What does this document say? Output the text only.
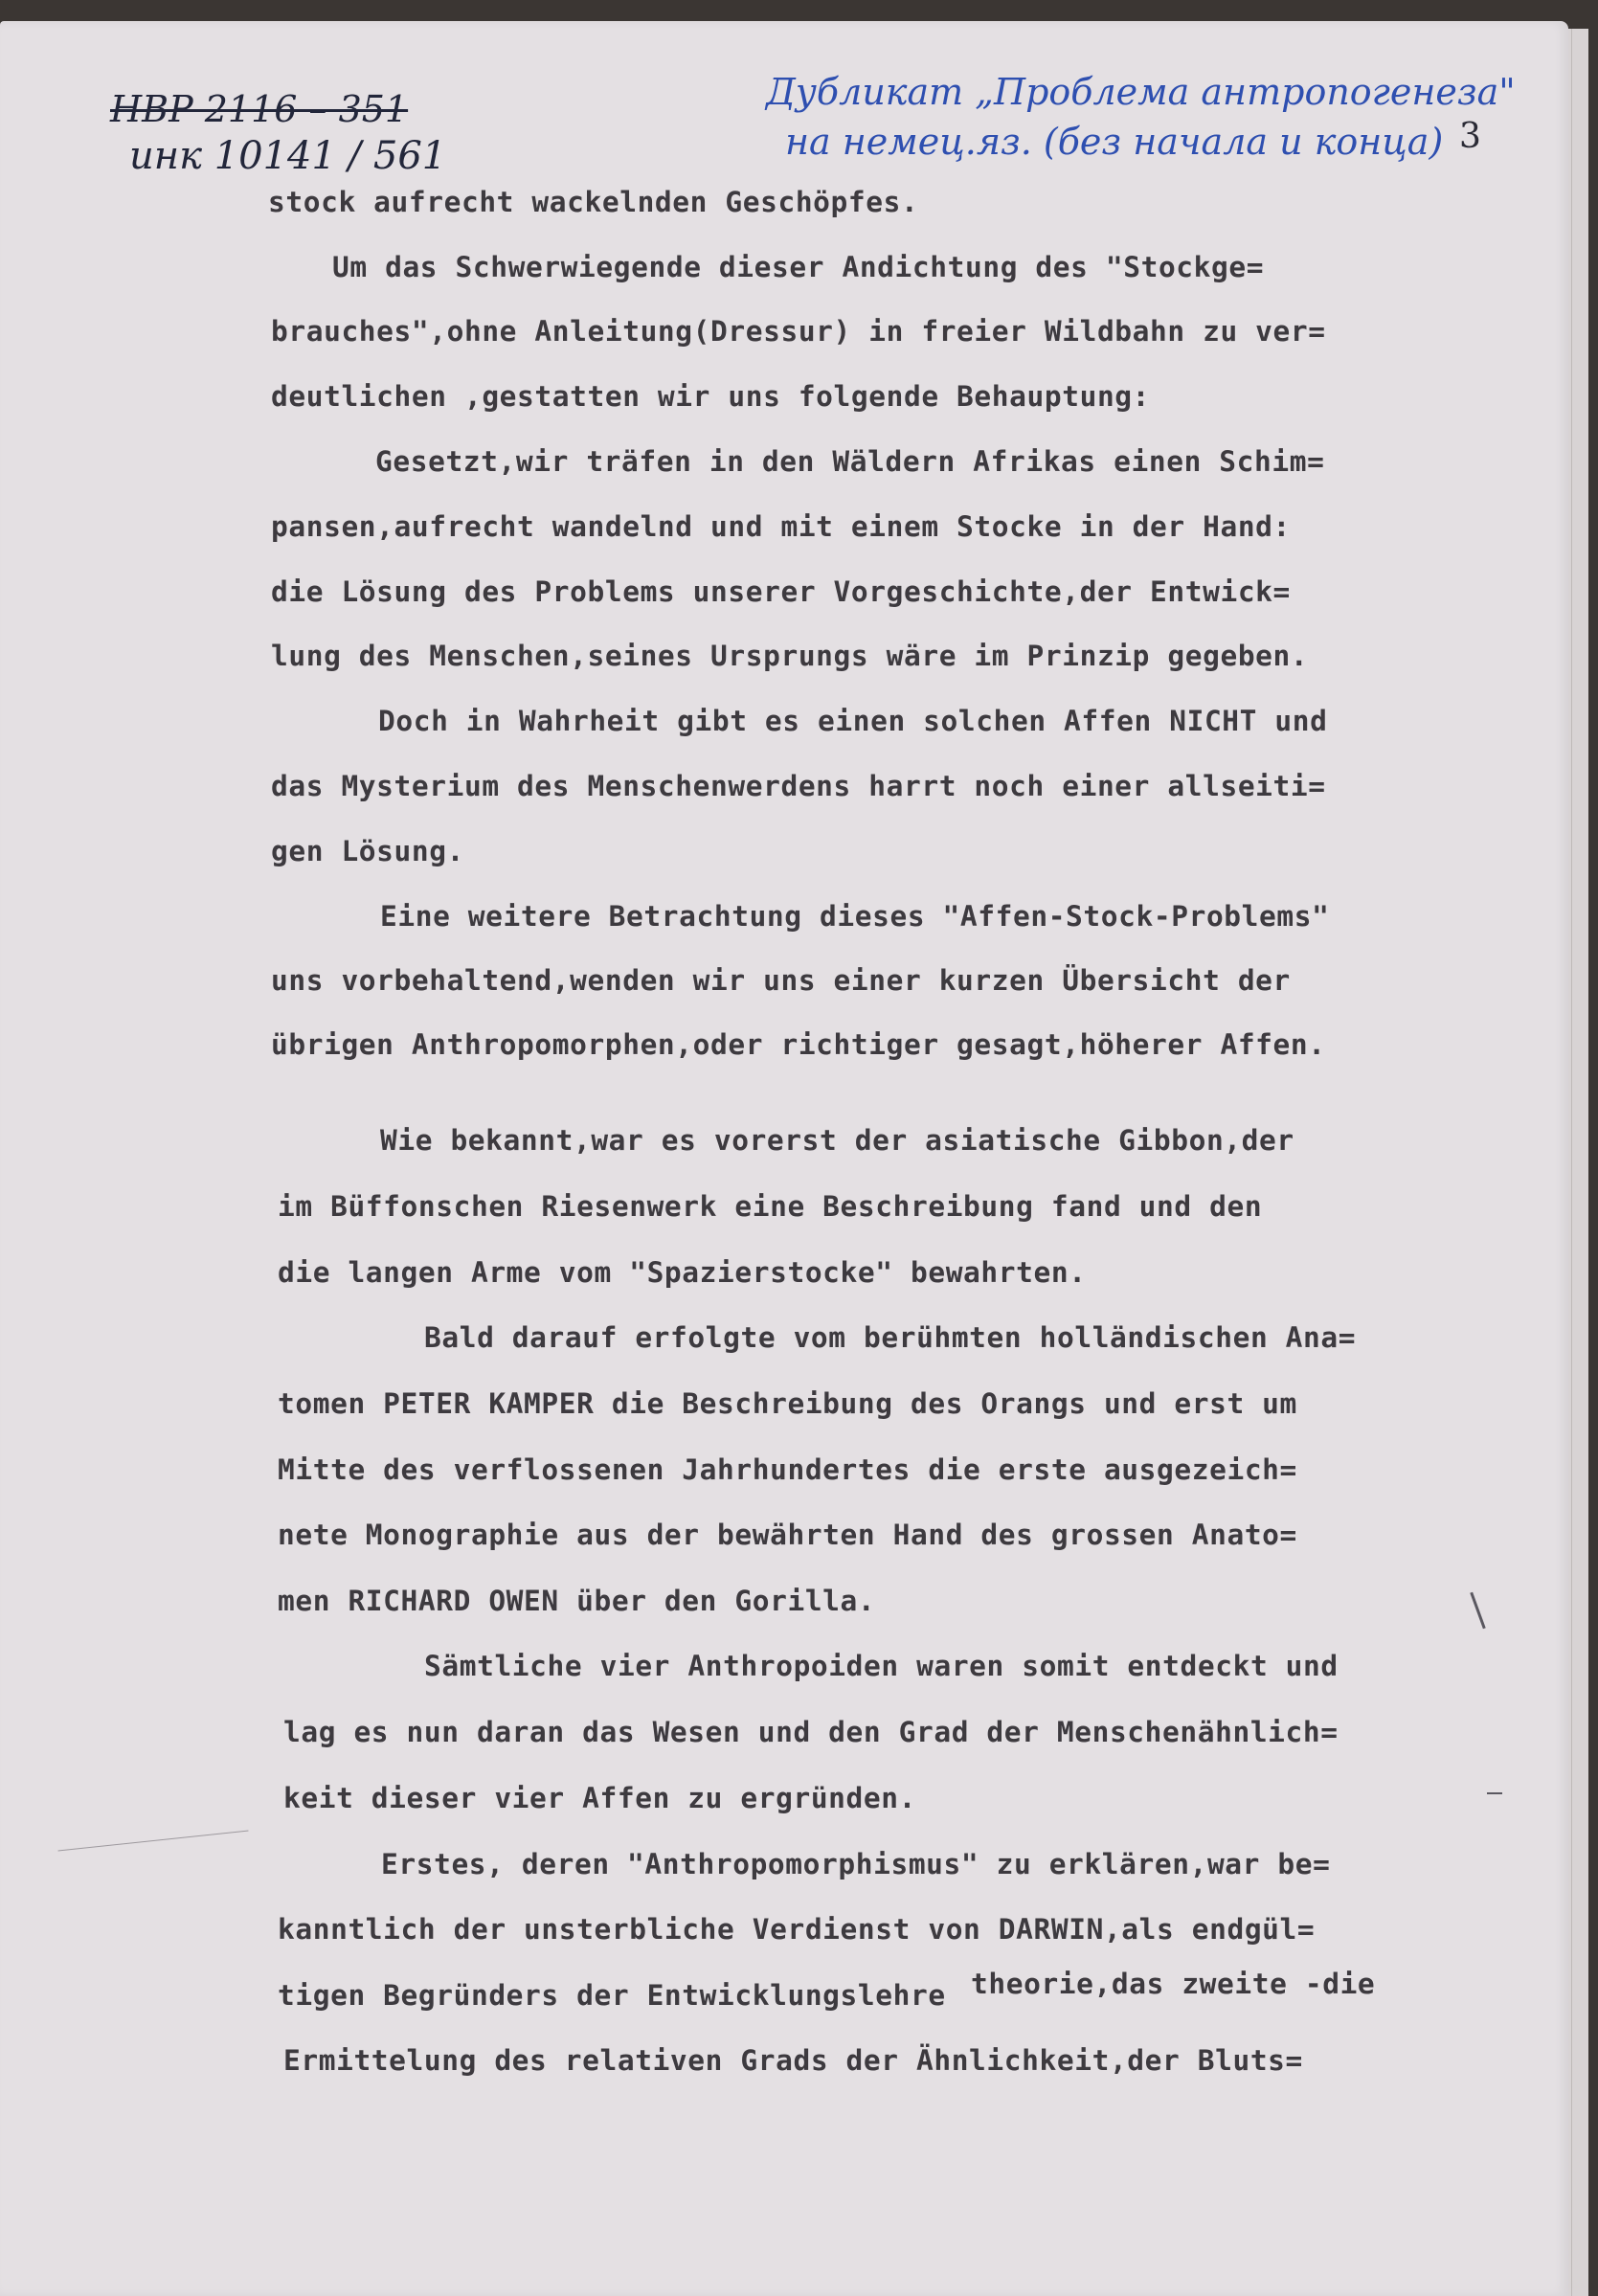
НВР 2116 – 351
инк 10141 / 561
Дубликат „Проблема антропогенеза"
на немец.яз. (без начала и конца) 3
stock aufrecht wackelnden Geschöpfes.
Um das Schwerwiegende dieser Andichtung des "Stockge=
brauches",ohne Anleitung(Dressur) in freier Wildbahn zu ver=
deutlichen ,gestatten wir uns folgende Behauptung:
Gesetzt,wir träfen in den Wäldern Afrikas einen Schim=
pansen,aufrecht wandelnd und mit einem Stocke in der Hand:
die Lösung des Problems unserer Vorgeschichte,der Entwick=
lung des Menschen,seines Ursprungs wäre im Prinzip gegeben.
Doch in Wahrheit gibt es einen solchen Affen NICHT und
das Mysterium des Menschenwerdens harrt noch einer allseiti=
gen Lösung.
Eine weitere Betrachtung dieses "Affen-Stock-Problems"
uns vorbehaltend,wenden wir uns einer kurzen Übersicht der
übrigen Anthropomorphen,oder richtiger gesagt,höherer Affen.
Wie bekannt,war es vorerst der asiatische Gibbon,der
im Büffonschen Riesenwerk eine Beschreibung fand und den
die langen Arme vom "Spazierstocke" bewahrten.
Bald darauf erfolgte vom berühmten holländischen Ana=
tomen PETER KAMPER die Beschreibung des Orangs und erst um
Mitte des verflossenen Jahrhundertes die erste ausgezeich=
nete Monographie aus der bewährten Hand des grossen Anato=
men RICHARD OWEN über den Gorilla.
Sämtliche vier Anthropoiden waren somit entdeckt und
lag es nun daran das Wesen und den Grad der Menschenähnlich=
keit dieser vier Affen zu ergründen.
Erstes, deren "Anthropomorphismus" zu erklären,war be=
kanntlich der unsterbliche Verdienst von DARWIN,als endgül=
tigen Begründers der Entwicklungslehre theorie,das zweite -die
Ermittelung des relativen Grads der Ähnlichkeit,der Bluts=
